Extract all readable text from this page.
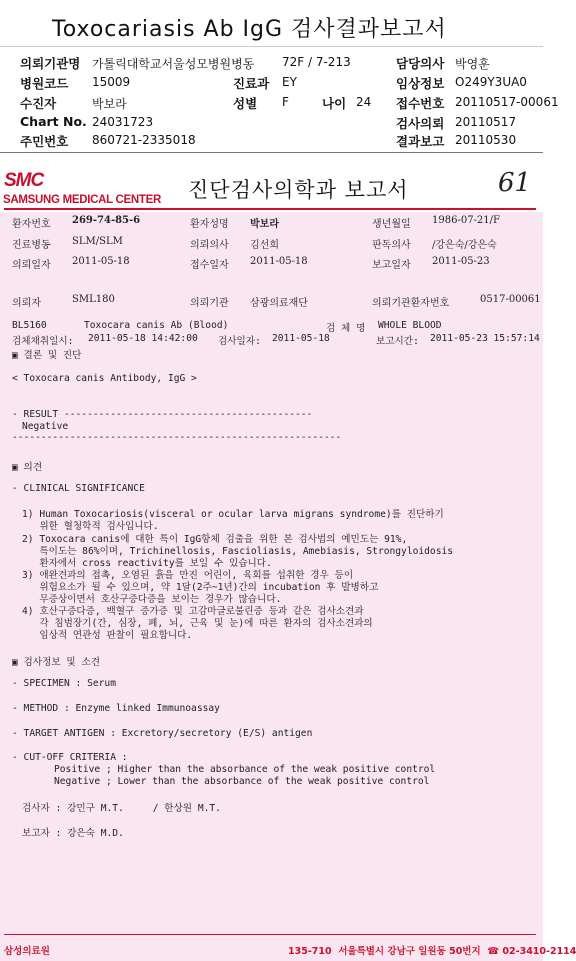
Toxocariasis Ab IgG 검사결과보고서
의뢰기관명 가톨릭대학교서울성모병원병동 72F / 7-213	담당의사 박영훈
병원코드 15009	진료과 EY	임상정보 O249Y3UA0
수진자	박보라	성별 F	나이 24 접수번호 20110517-00061
Chart No. 24031723	검사의뢰 20110517
주민번호 860721-2335018	결과보고 20110530
SMC
SAMSUNG MEDICAL CENTER 진단검사의학과 보고서	61
환자번호 269-74-85-6	환자성명 박보라	생년월일 1986-07-21/F
진료병동 SLM/SLM	의뢰의사 김선희	판독의사 /강은숙/강은숙
의뢰일자 2011-05-18	접수일자 2011-05-18	보고일자 2011-05-23
의뢰자	SML180	의뢰기관 삼광의료재단	의뢰기관환자번호	0517-00061
BL5160	Toxocara canis Ab (Blood)	검 체 명 WHOLE BLOOD
검체채취일시: 2011-05-18 14:42:00 검사일자: 2011-05-18	보고시간: 2011-05-23 15:57:14
▣ 결론 및 진단
< Toxocara canis Antibody, IgG >
- RESULT -------------------------------------------
Negative
---------------------------------------------------------
▣ 의견
- CLINICAL SIGNIFICANCE
1) Human Toxocariosis(visceral or ocular larva migrans syndrome)를 진단하기
위한 혈청학적 검사입니다.
2) Toxocara canis에 대한 특이 IgG항체 검출을 위한 본 검사법의 예민도는 91%,
특이도는 86%이며, Trichinellosis, Fascioliasis, Amebiasis, Strongyloidosis
환자에서 cross reactivity를 보일 수 있습니다.
3) 애완견과의 접촉, 오염된 흙을 만진 어린이, 육회를 섭취한 경우 등이
위험요소가 될 수 있으며, 약 1달(2주~1년)간의 incubation 후 발병하고
무증상이면서 호산구증다증을 보이는 경우가 많습니다.
4) 호산구증다증, 백혈구 증가증 및 고감마글로불린증 등과 같은 검사소견과
각 침범장기(간, 심장, 폐, 뇌, 근육 및 눈)에 따른 환자의 검사소견과의
임상적 연관성 판찰이 필요합니다.
▣ 검사정보 및 소견
- SPECIMEN : Serum
- METHOD : Enzyme linked Immunoassay
- TARGET ANTIGEN : Excretory/secretory (E/S) antigen
- CUT-OFF CRITERIA :
Positive ; Higher than the absorbance of the weak positive control
Negative ; Lower than the absorbance of the weak positive control
검사자 : 강민구 M.T.     / 한상원 M.T.
보고자 : 강은숙 M.D.
삼성의료원	135-710  서울특별시 강남구 일원동 50번지  ☎ 02-3410-2114
